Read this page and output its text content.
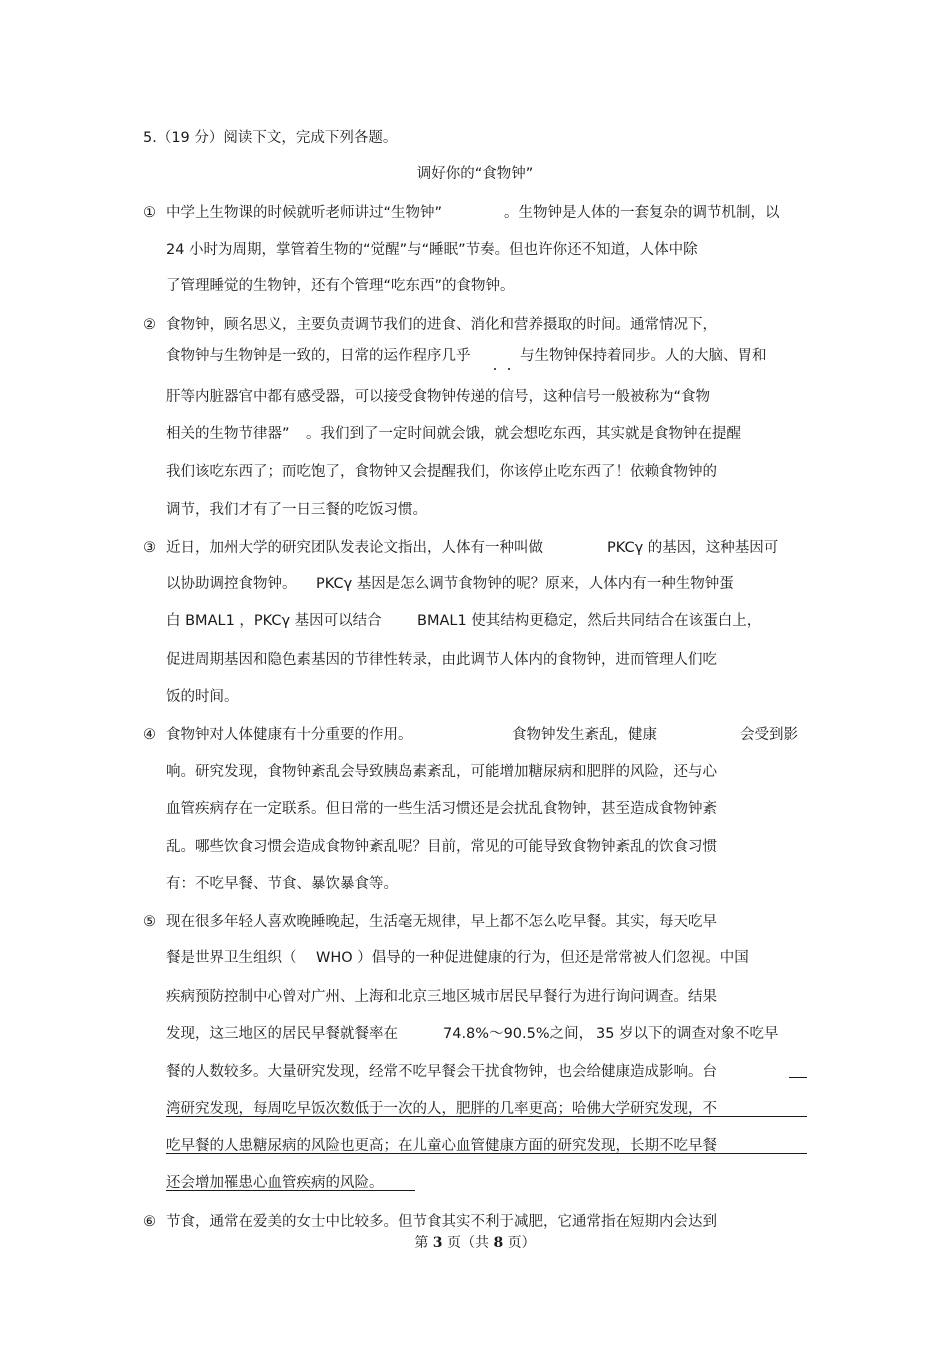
5.（19 分）阅读下文，完成下列各题。
调好你的“食物钟”
① 中学上生物课的时候就听老师讲过“生物钟”	。生物钟是人体的一套复杂的调节机制，以
24 小时为周期，掌管着生物的“觉醒”与“睡眠”节奏。但也许你还不知道，人体中除
了管理睡觉的生物钟，还有个管理“吃东西”的食物钟。
② 食物钟，顾名思义，主要负责调节我们的进食、消化和营养摄取的时间。通常情况下，
食物钟与生物钟是一致的，日常的运作程序几乎	与生物钟保持着同步。人的大脑、胃和
肝等内脏器官中都有感受器，可以接受食物钟传递的信号，这种信号一般被称为“食物
相关的生物节律器” 。我们到了一定时间就会饿，就会想吃东西，其实就是食物钟在提醒
我们该吃东西了；而吃饱了，食物钟又会提醒我们，你该停止吃东西了！依赖食物钟的
调节，我们才有了一日三餐的吃饭习惯。
③ 近日，加州大学的研究团队发表论文指出，人体有一种叫做	PKCγ 的基因，这种基因可
以协助调控食物钟。 PKCγ 基因是怎么调节食物钟的呢？原来，人体内有一种生物钟蛋
白 BMAL1 ，PKCγ 基因可以结合 BMAL1 使其结构更稳定，然后共同结合在该蛋白上，
促进周期基因和隐色素基因的节律性转录，由此调节人体内的食物钟，进而管理人们吃
饭的时间。
④ 食物钟对人体健康有十分重要的作用。	食物钟发生紊乱，健康	会受到影
响。研究发现，食物钟紊乱会导致胰岛素紊乱，可能增加糖尿病和肥胖的风险，还与心
血管疾病存在一定联系。但日常的一些生活习惯还是会扰乱食物钟，甚至造成食物钟紊
乱。哪些饮食习惯会造成食物钟紊乱呢？目前，常见的可能导致食物钟紊乱的饮食习惯
有：不吃早餐、节食、暴饮暴食等。
⑤ 现在很多年轻人喜欢晚睡晚起，生活毫无规律，早上都不怎么吃早餐。其实，每天吃早
餐是世界卫生组织（ WHO ）倡导的一种促进健康的行为，但还是常常被人们忽视。中国
疾病预防控制中心曾对广州、上海和北京三地区城市居民早餐行为进行询问调查。结果
发现，这三地区的居民早餐就餐率在	74.8%～90.5%之间， 35 岁以下的调查对象不吃早
餐的人数较多。大量研究发现，经常不吃早餐会干扰食物钟，也会给健康造成影响。台
湾研究发现，每周吃早饭次数低于一次的人，肥胖的几率更高；哈佛大学研究发现，不
吃早餐的人患糖尿病的风险也更高；在儿童心血管健康方面的研究发现，长期不吃早餐
还会增加罹患心血管疾病的风险。
⑥ 节食，通常在爱美的女士中比较多。但节食其实不利于减肥，它通常指在短期内会达到
第 3 页（共 8 页）
